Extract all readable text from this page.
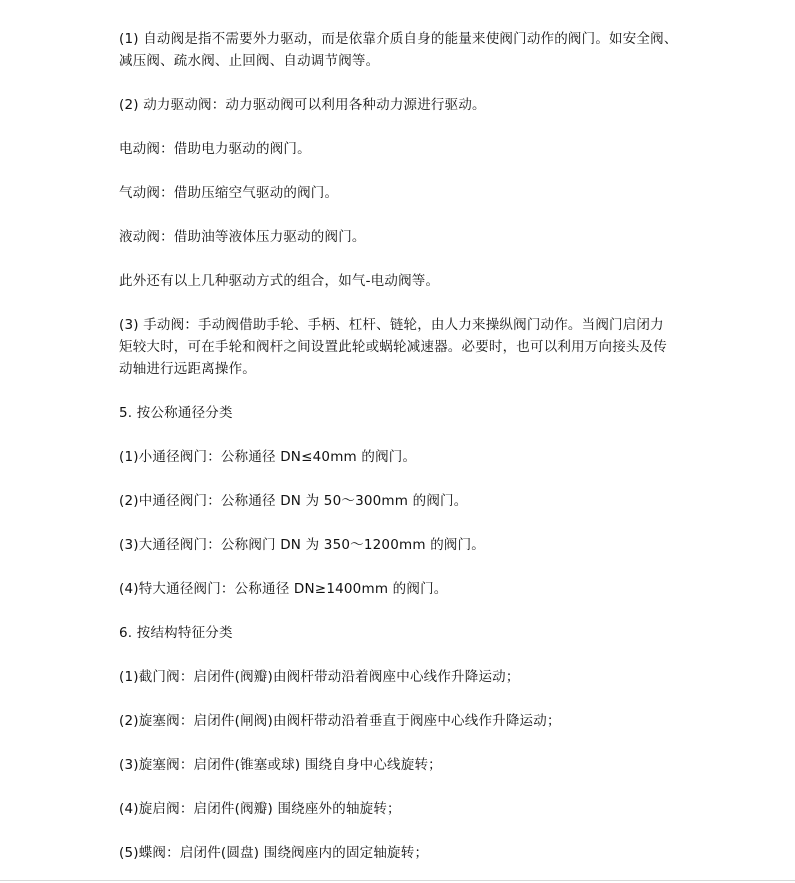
(1) 自动阀是指不需要外力驱动，而是依靠介质自身的能量来使阀门动作的阀门。如安全阀、
减压阀、疏水阀、止回阀、自动调节阀等。
(2) 动力驱动阀：动力驱动阀可以利用各种动力源进行驱动。
电动阀：借助电力驱动的阀门。
气动阀：借助压缩空气驱动的阀门。
液动阀：借助油等液体压力驱动的阀门。
此外还有以上几种驱动方式的组合，如气-电动阀等。
(3) 手动阀：手动阀借助手轮、手柄、杠杆、链轮，由人力来操纵阀门动作。当阀门启闭力
矩较大时，可在手轮和阀杆之间设置此轮或蜗轮减速器。必要时，也可以利用万向接头及传
动轴进行远距离操作。
5. 按公称通径分类
(1)小通径阀门：公称通径 DN≤40mm 的阀门。
(2)中通径阀门：公称通径 DN 为 50～300mm 的阀门。
(3)大通径阀门：公称阀门 DN 为 350～1200mm 的阀门。
(4)特大通径阀门：公称通径 DN≥1400mm 的阀门。
6. 按结构特征分类
(1)截门阀：启闭件(阀瓣)由阀杆带动沿着阀座中心线作升降运动；
(2)旋塞阀：启闭件(闸阀)由阀杆带动沿着垂直于阀座中心线作升降运动；
(3)旋塞阀：启闭件(锥塞或球) 围绕自身中心线旋转；
(4)旋启阀：启闭件(阀瓣) 围绕座外的轴旋转；
(5)蝶阀：启闭件(圆盘) 围绕阀座内的固定轴旋转；
